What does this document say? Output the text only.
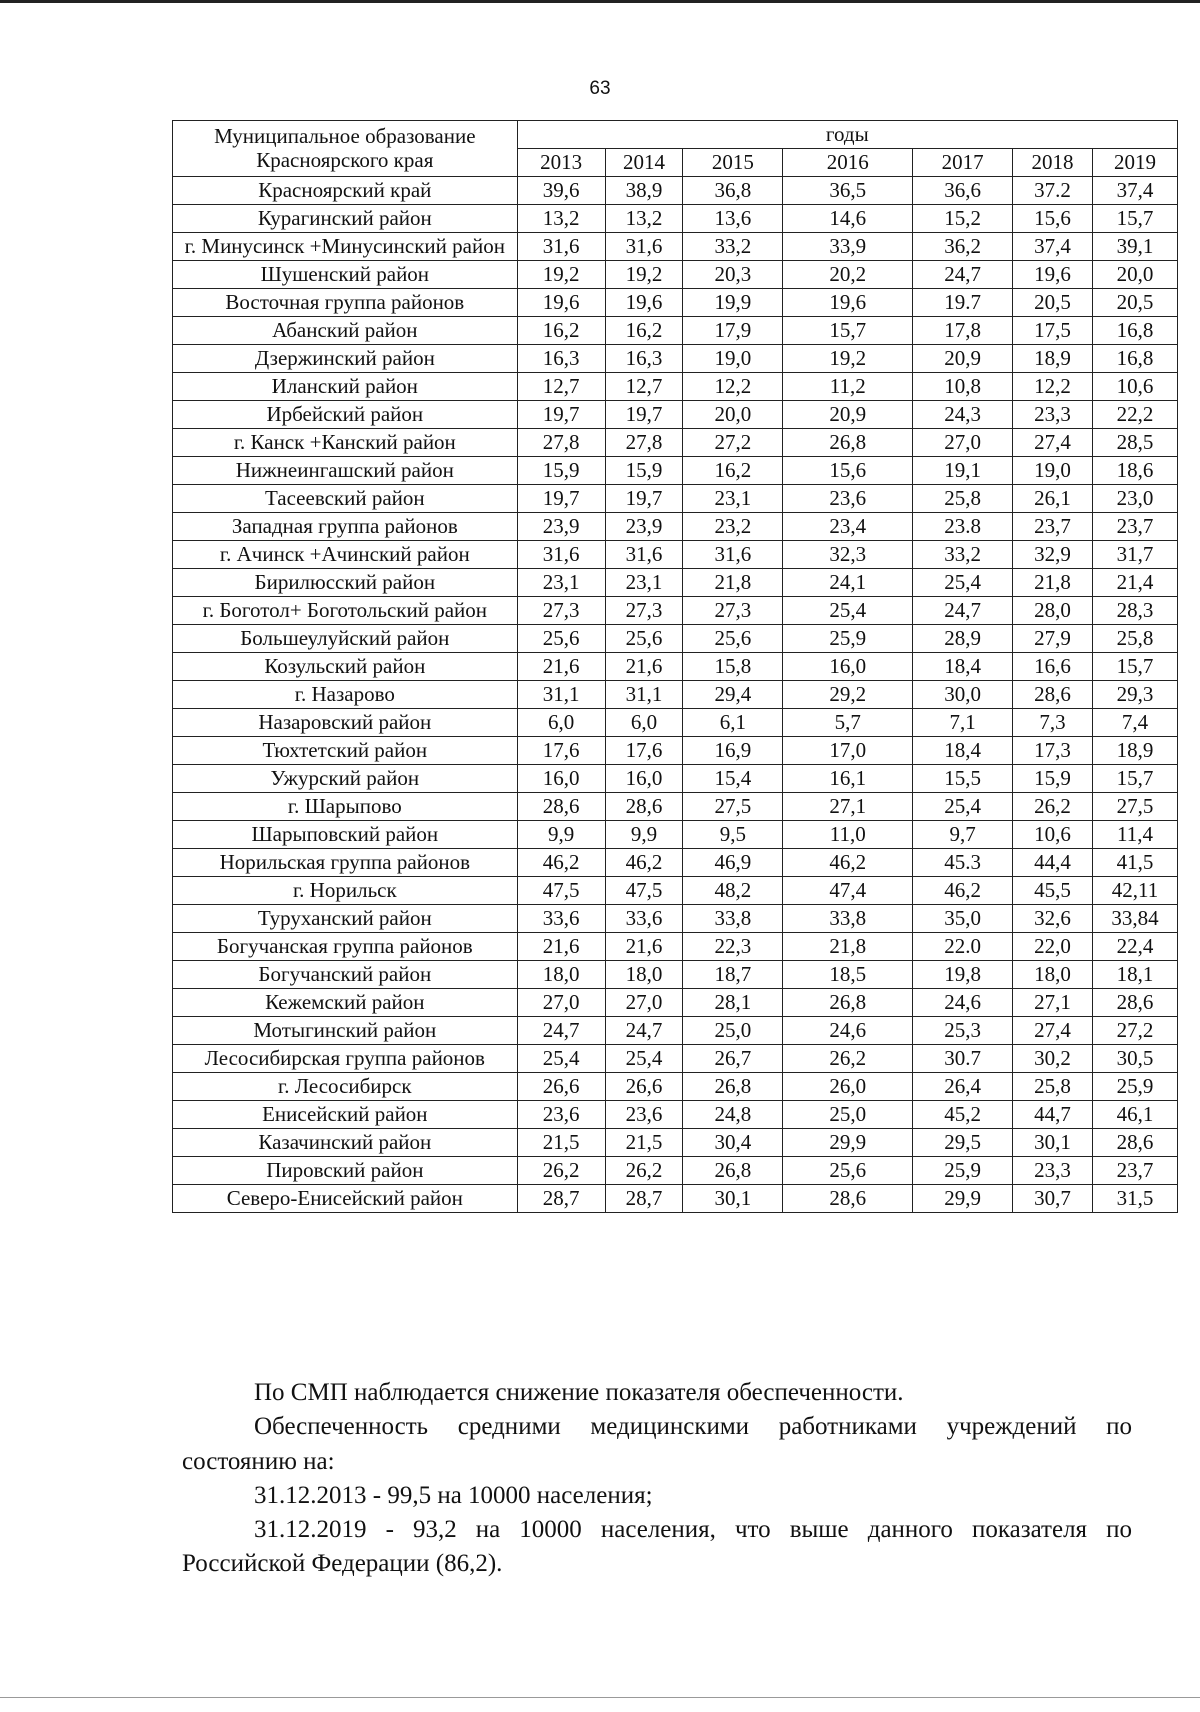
63
Муниципальное образование
Красноярского края	годы						
	2013	2014	2015	2016	2017	2018	2019
Красноярский край	39,6	38,9	36,8	36,5	36,6	37.2	37,4
Курагинский район	13,2	13,2	13,6	14,6	15,2	15,6	15,7
г. Минусинск +Минусинский район	31,6	31,6	33,2	33,9	36,2	37,4	39,1
Шушенский район	19,2	19,2	20,3	20,2	24,7	19,6	20,0
Восточная группа районов	19,6	19,6	19,9	19,6	19.7	20,5	20,5
Абанский район	16,2	16,2	17,9	15,7	17,8	17,5	16,8
Дзержинский район	16,3	16,3	19,0	19,2	20,9	18,9	16,8
Иланский район	12,7	12,7	12,2	11,2	10,8	12,2	10,6
Ирбейский район	19,7	19,7	20,0	20,9	24,3	23,3	22,2
г. Канск +Канский район	27,8	27,8	27,2	26,8	27,0	27,4	28,5
Нижнеингашский район	15,9	15,9	16,2	15,6	19,1	19,0	18,6
Тасеевский район	19,7	19,7	23,1	23,6	25,8	26,1	23,0
Западная группа районов	23,9	23,9	23,2	23,4	23.8	23,7	23,7
г. Ачинск +Ачинский район	31,6	31,6	31,6	32,3	33,2	32,9	31,7
Бирилюсский район	23,1	23,1	21,8	24,1	25,4	21,8	21,4
г. Боготол+ Боготольский район	27,3	27,3	27,3	25,4	24,7	28,0	28,3
Большеулуйский район	25,6	25,6	25,6	25,9	28,9	27,9	25,8
Козульский район	21,6	21,6	15,8	16,0	18,4	16,6	15,7
г. Назарово	31,1	31,1	29,4	29,2	30,0	28,6	29,3
Назаровский район	6,0	6,0	6,1	5,7	7,1	7,3	7,4
Тюхтетский район	17,6	17,6	16,9	17,0	18,4	17,3	18,9
Ужурский район	16,0	16,0	15,4	16,1	15,5	15,9	15,7
г. Шарыпово	28,6	28,6	27,5	27,1	25,4	26,2	27,5
Шарыповский район	9,9	9,9	9,5	11,0	9,7	10,6	11,4
Норильская группа районов	46,2	46,2	46,9	46,2	45.3	44,4	41,5
г. Норильск	47,5	47,5	48,2	47,4	46,2	45,5	42,11
Туруханский район	33,6	33,6	33,8	33,8	35,0	32,6	33,84
Богучанская группа районов	21,6	21,6	22,3	21,8	22.0	22,0	22,4
Богучанский район	18,0	18,0	18,7	18,5	19,8	18,0	18,1
Кежемский район	27,0	27,0	28,1	26,8	24,6	27,1	28,6
Мотыгинский район	24,7	24,7	25,0	24,6	25,3	27,4	27,2
Лесосибирская группа районов	25,4	25,4	26,7	26,2	30.7	30,2	30,5
г. Лесосибирск	26,6	26,6	26,8	26,0	26,4	25,8	25,9
Енисейский район	23,6	23,6	24,8	25,0	45,2	44,7	46,1
Казачинский район	21,5	21,5	30,4	29,9	29,5	30,1	28,6
Пировский район	26,2	26,2	26,8	25,6	25,9	23,3	23,7
Северо-Енисейский район	28,7	28,7	30,1	28,6	29,9	30,7	31,5

По СМП наблюдается снижение показателя обеспеченности.

Обеспеченность средними медицинскими работниками учреждений по состоянию на:

31.12.2013 - 99,5 на 10000 населения;

31.12.2019 - 93,2 на 10000 населения, что выше данного показателя по Российской Федерации (86,2).
